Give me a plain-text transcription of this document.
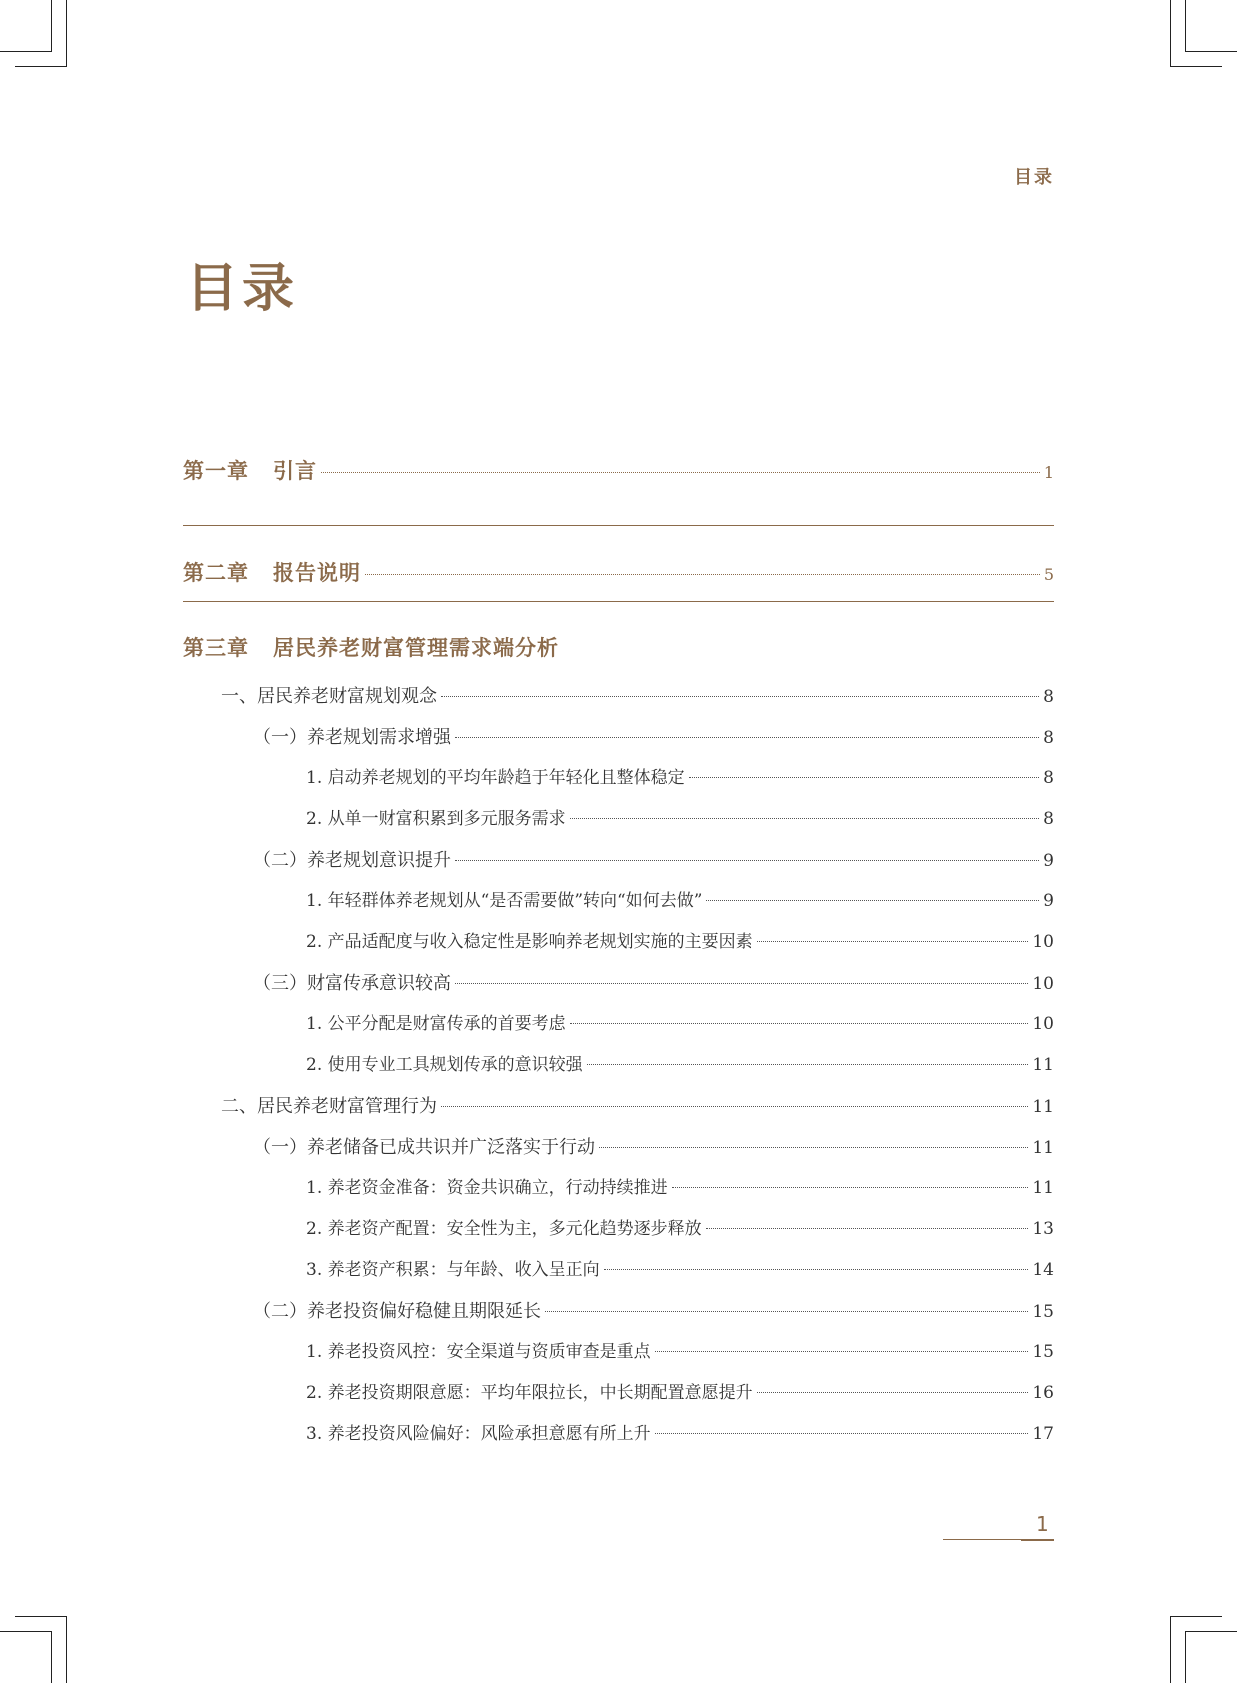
目录
目录
第一章 引言	1
第二章 报告说明	5
第三章 居民养老财富管理需求端分析
一、居民养老财富规划观念	8
（一）养老规划需求增强	8
1. 启动养老规划的平均年龄趋于年轻化且整体稳定	8
2. 从单一财富积累到多元服务需求	8
（二）养老规划意识提升	9
1. 年轻群体养老规划从“是否需要做”转向“如何去做”	9
2. 产品适配度与收入稳定性是影响养老规划实施的主要因素	10
（三）财富传承意识较高	10
1. 公平分配是财富传承的首要考虑	10
2. 使用专业工具规划传承的意识较强	11
二、居民养老财富管理行为	11
（一）养老储备已成共识并广泛落实于行动	11
1. 养老资金准备：资金共识确立，行动持续推进	11
2. 养老资产配置：安全性为主，多元化趋势逐步释放	13
3. 养老资产积累：与年龄、收入呈正向	14
（二）养老投资偏好稳健且期限延长	15
1. 养老投资风控：安全渠道与资质审查是重点	15
2. 养老投资期限意愿：平均年限拉长，中长期配置意愿提升	16
3. 养老投资风险偏好：风险承担意愿有所上升	17
1
